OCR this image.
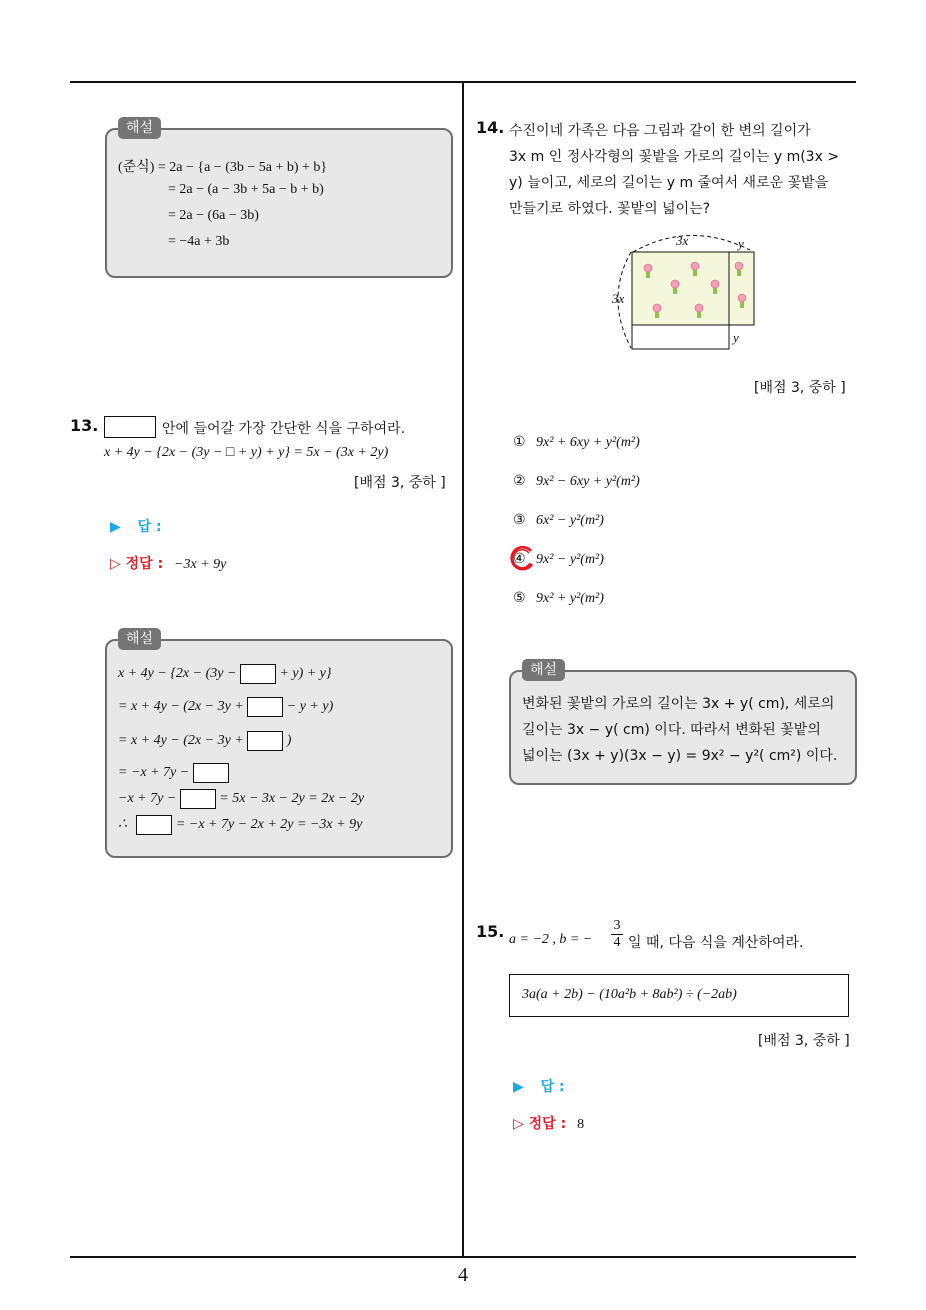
4
해설
(준식) = 2a − {a − (3b − 5a + b) + b}
= 2a − (a − 3b + 5a − b + b)
= 2a − (6a − 3b)
= −4a + 3b
13.	안에 들어갈 가장 간단한 식을 구하여라.
x + 4y − {2x − (3y − □ + y) + y} = 5x − (3x + 2y)
[배점 3, 중하 ]
▶ 답 :
▷ 정답 : −3x + 9y
해설
x + 4y − {2x − (3y −	+ y) + y}
= x + 4y − (2x − 3y +	− y + y)
= x + 4y − (2x − 3y +	)
= −x + 7y −
−x + 7y −	= 5x − 3x − 2y = 2x − 2y
∴	= −x + 7y − 2x + 2y = −3x + 9y
14. 수진이네 가족은 다음 그림과 같이 한 변의 길이가
3x m 인 정사각형의 꽃밭을 가로의 길이는 y m(3x >
y) 늘이고, 세로의 길이는 y m 줄여서 새로운 꽃밭을
만들기로 하였다. 꽃밭의 넓이는?
3x
3x
y
y
[배점 3, 중하 ]
① 9x² + 6xy + y²(m²)
② 9x² − 6xy + y²(m²)
③ 6x² − y²(m²)
④ 9x² − y²(m²)
⑤ 9x² + y²(m²)
해설
변화된 꽃밭의 가로의 길이는 3x + y( cm), 세로의
길이는 3x − y( cm) 이다. 따라서 변화된 꽃밭의
넓이는 (3x + y)(3x − y) = 9x² − y²( cm²) 이다.
15. a = −2 , b = −
3
4 일 때, 다음 식을 계산하여라.
3a(a + 2b) − (10a²b + 8ab²) ÷ (−2ab)
[배점 3, 중하 ]
▶ 답 :
▷ 정답 : 8
